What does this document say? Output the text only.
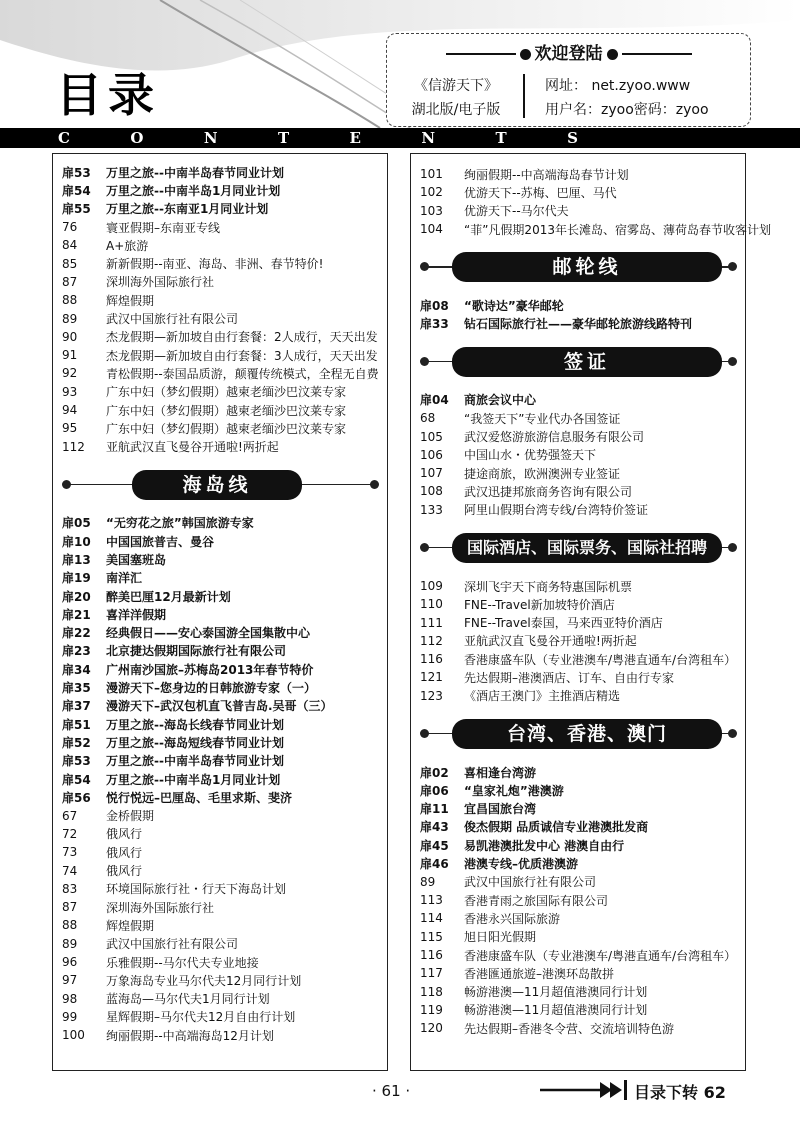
目录
C	O	N	T	E	N	T	S
欢迎登陆
《信游天下》
湖北版/电子版
网址： net.zyoo.www
用户名：zyoo密码：zyoo
扉53	万里之旅--中南半岛春节同业计划
扉54	万里之旅--中南半岛1月同业计划
扉55	万里之旅--东南亚1月同业计划
76	寰亚假期–东南亚专线
84	A+旅游
85	新新假期--南亚、海岛、非洲、春节特价!
87	深圳海外国际旅行社
88	辉煌假期
89	武汉中国旅行社有限公司
90	杰龙假期—新加坡自由行套餐：2人成行，天天出发
91	杰龙假期—新加坡自由行套餐：3人成行，天天出发
92	青松假期--泰国品质游，颠覆传统模式，全程无自费
93	广东中妇（梦幻假期）越柬老缅沙巴汶莱专家
94	广东中妇（梦幻假期）越柬老缅沙巴汶莱专家
95	广东中妇（梦幻假期）越柬老缅沙巴汶莱专家
112	亚航武汉直飞曼谷开通啦!两折起
海岛线
扉05	“无穷花之旅”韩国旅游专家
扉10	中国国旅普吉、曼谷
扉13	美国塞班岛
扉19	南洋汇
扉20	醉美巴厘12月最新计划
扉21	喜洋洋假期
扉22	经典假日——安心泰国游全国集散中心
扉23	北京捷达假期国际旅行社有限公司
扉34	广州南沙国旅–苏梅岛2013年春节特价
扉35	漫游天下–您身边的日韩旅游专家（一）
扉37	漫游天下–武汉包机直飞普吉岛.吴哥（三）
扉51	万里之旅--海岛长线春节同业计划
扉52	万里之旅--海岛短线春节同业计划
扉53	万里之旅--中南半岛春节同业计划
扉54	万里之旅--中南半岛1月同业计划
扉56	悦行悦远–巴厘岛、毛里求斯、斐济
67	金桥假期
72	俄风行
73	俄风行
74	俄风行
83	环境国际旅行社・行天下海岛计划
87	深圳海外国际旅行社
88	辉煌假期
89	武汉中国旅行社有限公司
96	乐雅假期--马尔代夫专业地接
97	万象海岛专业马尔代夫12月同行计划
98	蓝海岛—马尔代夫1月同行计划
99	星辉假期–马尔代夫12月自由行计划
100	绚丽假期--中高端海岛12月计划
101	绚丽假期--中高端海岛春节计划
102	优游天下--苏梅、巴厘、马代
103	优游天下--马尔代夫
104	“菲”凡假期2013年长滩岛、宿雾岛、薄荷岛春节收客计划
邮轮线
扉08	“歌诗达”豪华邮轮
扉33	钻石国际旅行社——豪华邮轮旅游线路特刊
签证
扉04	商旅会议中心
68	“我签天下”专业代办各国签证
105	武汉爱悠游旅游信息服务有限公司
106	中国山水・优势强签天下
107	捷途商旅，欧洲澳洲专业签证
108	武汉迅捷邦旅商务咨询有限公司
133	阿里山假期台湾专线/台湾特价签证
国际酒店、国际票务、国际社招聘
109	深圳飞宇天下商务特惠国际机票
110	FNE--Travel新加坡特价酒店
111	FNE--Travel泰国，马来西亚特价酒店
112	亚航武汉直飞曼谷开通啦!两折起
116	香港康盛车队（专业港澳车/粤港直通车/台湾租车）
121	先达假期–港澳酒店、订车、自由行专家
123	《酒店王澳门》主推酒店精选
台湾、香港、澳门
扉02	喜相逢台湾游
扉06	“皇家礼炮”港澳游
扉11	宜昌国旅台湾
扉43	俊杰假期 品质诚信专业港澳批发商
扉45	易凯港澳批发中心 港澳自由行
扉46	港澳专线–优质港澳游
89	武汉中国旅行社有限公司
113	香港青雨之旅国际有限公司
114	香港永兴国际旅游
115	旭日阳光假期
116	香港康盛车队（专业港澳车/粤港直通车/台湾租车）
117	香港匯通旅遊–港澳环岛散拼
118	畅游港澳—11月超值港澳同行计划
119	畅游港澳—11月超值港澳同行计划
120	先达假期–香港冬令营、交流培训特色游
· 61 ·	目录下转 62
